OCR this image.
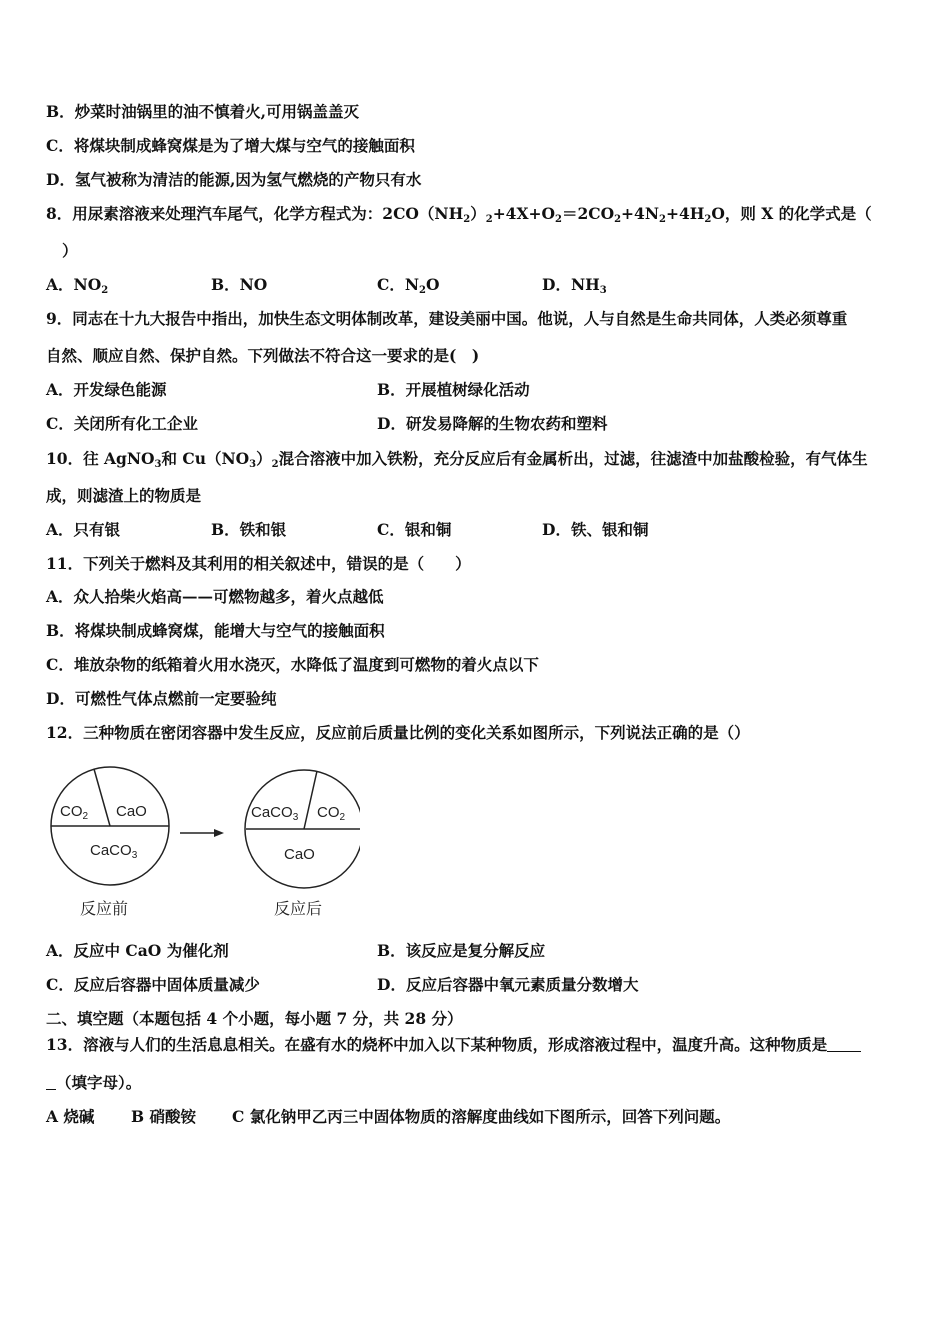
B．炒菜时油锅里的油不慎着火,可用锅盖盖灭
C．将煤块制成蜂窝煤是为了增大煤与空气的接触面积
D．氢气被称为清洁的能源,因为氢气燃烧的产物只有水
8．用尿素溶液来处理汽车尾气，化学方程式为：$2CO(NH_2)_2+4X+O_2=2CO_2+4N_2+4H_2O$，则 X 的化学式是（
）
A．$NO_2$	B．NO	C．$N_2O$	D．$NH_3$
9．同志在十九大报告中指出，加快生态文明体制改革，建设美丽中国。他说，人与自然是生命共同体，人类必须尊重
自然、顺应自然、保护自然。下列做法不符合这一要求的是(　)
A．开发绿色能源	B．开展植树绿化活动
C．关闭所有化工企业	D．研发易降解的生物农药和塑料
10．往 AgNO$_3$和 $Cu(NO_3)_2$混合溶液中加入铁粉，充分反应后有金属析出，过滤，往滤渣中加盐酸检验，有气体生
成，则滤渣上的物质是
A．只有银	B．铁和银	C．银和铜	D．铁、银和铜
11．下列关于燃料及其利用的相关叙述中，错误的是（　　）
A．众人拾柴火焰高——可燃物越多，着火点越低
B．将煤块制成蜂窝煤，能增大与空气的接触面积
C．堆放杂物的纸箱着火用水浇灭，水降低了温度到可燃物的着火点以下
D．可燃性气体点燃前一定要验纯
12．三种物质在密闭容器中发生反应，反应前后质量比例的变化关系如图所示，下列说法正确的是（）
$CO_2$ CaO
CaCO$_3$
反应前
CaCO$_3$ $CO_2$
CaO
反应后
A．反应中 CaO 为催化剂	B．该反应是复分解反应
C．反应后容器中固体质量减少	D．反应后容器中氧元素质量分数增大
二、填空题（本题包括 4 个小题，每小题 7 分，共 28 分）
13．溶液与人们的生活息息相关。在盛有水的烧杯中加入以下某种物质，形成溶液过程中，温度升高。这种物质是
（填字母）。
A 烧碱 B 硝酸铵 C 氯化钠甲乙丙三中固体物质的溶解度曲线如下图所示，回答下列问题。
